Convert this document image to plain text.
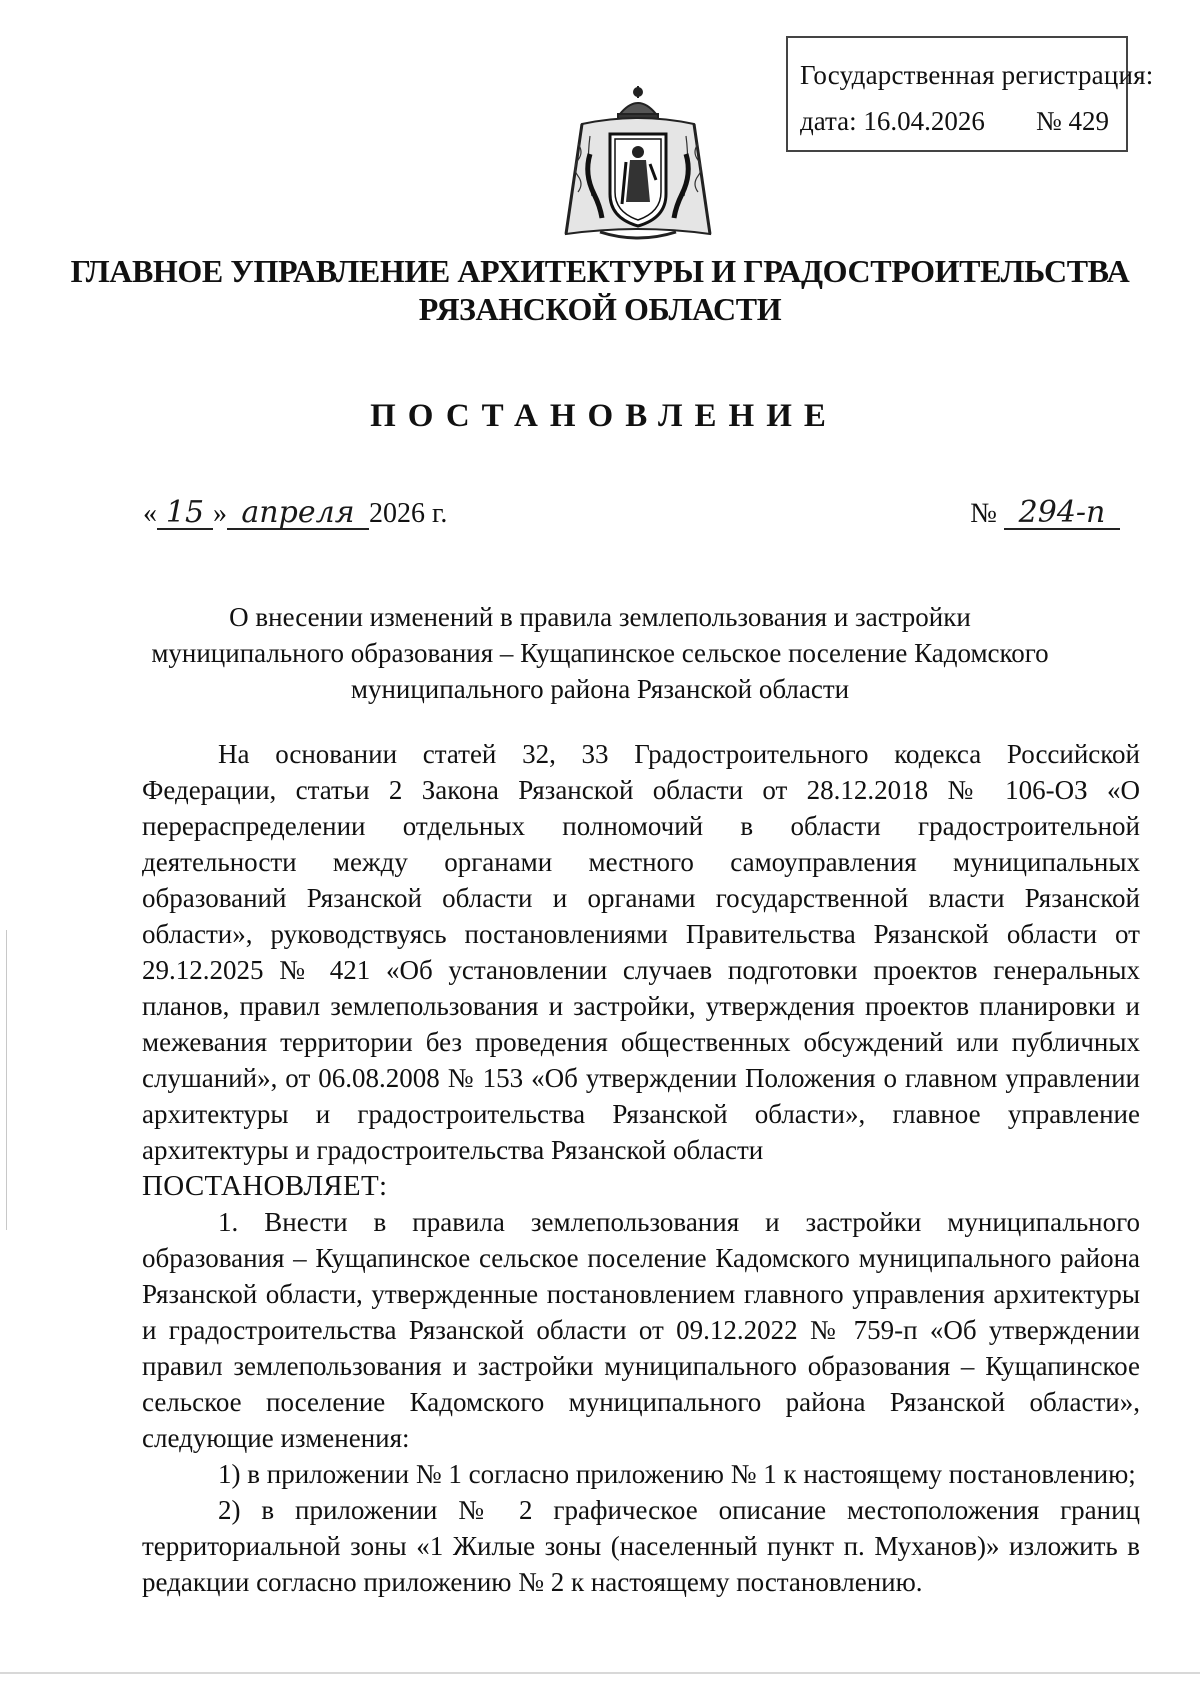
Государственная регистрация:
дата: 16.04.2026 № 429
ГЛАВНОЕ УПРАВЛЕНИЕ АРХИТЕКТУРЫ И ГРАДОСТРОИТЕЛЬСТВА
РЯЗАНСКОЙ ОБЛАСТИ
ПОСТАНОВЛЕНИЕ
« 15 » апреля 2026 г.	№ 294-п
О внесении изменений в правила землепользования и застройки
муниципального образования – Кущапинское сельское поселение Кадомского
муниципального района Рязанской области

На основании статей 32, 33 Градостроительного кодекса Российской Федерации, статьи 2 Закона Рязанской области от 28.12.2018 № 106-ОЗ «О перераспределении отдельных полномочий в области градостроительной деятельности между органами местного самоуправления муниципальных образований Рязанской области и органами государственной власти Рязанской области», руководствуясь постановлениями Правительства Рязанской области от 29.12.2025 № 421 «Об установлении случаев подготовки проектов генеральных планов, правил землепользования и застройки, утверждения проектов планировки и межевания территории без проведения общественных обсуждений или публичных слушаний», от 06.08.2008 № 153 «Об утверждении Положения о главном управлении архитектуры и градостроительства Рязанской области», главное управление архитектуры и градостроительства Рязанской области

ПОСТАНОВЛЯЕТ:

1. Внести в правила землепользования и застройки муниципального образования – Кущапинское сельское поселение Кадомского муниципального района Рязанской области, утвержденные постановлением главного управления архитектуры и градостроительства Рязанской области от 09.12.2022 № 759-п «Об утверждении правил землепользования и застройки муниципального образования – Кущапинское сельское поселение Кадомского муниципального района Рязанской области», следующие изменения:

1) в приложении № 1 согласно приложению № 1 к настоящему постановлению;

2) в приложении № 2 графическое описание местоположения границ территориальной зоны «1 Жилые зоны (населенный пункт п. Муханов)» изложить в редакции согласно приложению № 2 к настоящему постановлению.
